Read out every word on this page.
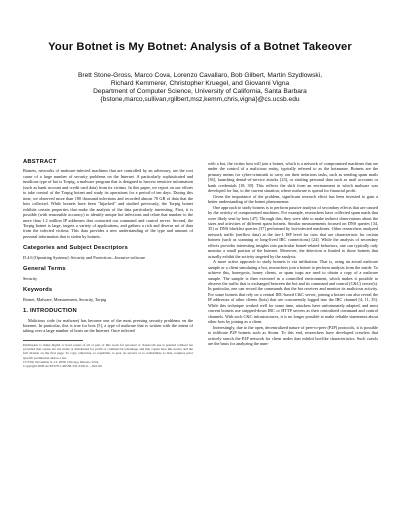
Your Botnet is My Botnet: Analysis of a Botnet Takeover
Brett Stone-Gross, Marco Cova, Lorenzo Cavallaro, Bob Gilbert, Martin Szydlowski,
Richard Kemmerer, Christopher Kruegel, and Giovanni Vigna
Department of Computer Science, University of California, Santa Barbara
{bstone,marco,sullivan,rgilbert,msz,kemm,chris,vigna}@cs.ucsb.edu
ABSTRACT

Botnets, networks of malware-infected machines that are controlled by an adversary, are the root cause of a large number of security problems on the Internet. A particularly sophisticated and insidious type of bot is Torpig, a malware program that is designed to harvest sensitive information (such as bank account and credit card data) from its victims. In this paper, we report on our efforts to take control of the Torpig botnet and study its operations for a period of ten days. During this time, we observed more than 180 thousand infections and recorded almost 70 GB of data that the bots collected. While botnets have been "hijacked" and studied previously, the Torpig botnet exhibits certain properties that make the analysis of the data particularly interesting. First, it is possible (with reasonable accuracy) to identify unique bot infections and relate that number to the more than 1.2 million IP addresses that contacted our command and control server. Second, the Torpig botnet is large, targets a variety of applications, and gathers a rich and diverse set of data from the infected victims. This data provides a new understanding of the type and amount of personal information that is stolen by botnets.

Categories and Subject Descriptors

D.4.6 [Operating Systems]: Security and Protection—Invasive software

General Terms

Security

Keywords

Botnet, Malware, Measurement, Security, Torpig

1. INTRODUCTION

Malicious code (or malware) has become one of the most pressing security problems on the Internet. In particular, this is true for bots [5], a type of malware that is written with the intent of taking over a large number of hosts on the Internet. Once infected

Permission to make digital or hard copies of all or part of this work for personal or classroom use is granted without fee provided that copies are not made or distributed for profit or commercial advantage and that copies bear this notice and the full citation on the first page. To copy otherwise, to republish, to post on servers or to redistribute to lists, requires prior specific permission and/or a fee.
CCS'09, November 9–13, 2009, Chicago, Illinois, USA.
Copyright 2009 ACM 978-1-60558-352-5/09/11 ...$10.00.

with a bot, the victim host will join a botnet, which is a network of compromised machines that are under the control of a malicious entity, typically referred to as the botmaster. Botnets are the primary means for cyber-criminals to carry out their nefarious tasks, such as sending spam mails [36], launching denial-of-service attacks [23], or stealing personal data such as mail accounts or bank credentials [18, 39]. This reflects the shift from an environment in which malware was developed for fun, to the current situation, where malware is spread for financial profit.

Given the importance of the problem, significant research effort has been invested to gain a better understanding of the botnet phenomenon.

One approach to study botnets is to perform passive analysis of secondary effects that are caused by the activity of compromised machines. For example, researchers have collected spam mails that were likely sent by bots [47]. Through this, they were able to make indirect observations about the sizes and activities of different spam botnets. Similar measurements focused on DNS queries [34, 35] or DNS blacklist queries [37] performed by bot-infected machines. Other researchers analyzed network traffic (netflow data) at the tier-1 ISP level for cues that are characteristic for certain botnets (such as scanning or long-lived IRC connections) [24]. While the analysis of secondary effects provides interesting insights into particular botnet-related behaviors, one can typically only monitor a small portion of the Internet. Moreover, the detection is limited to those botnets that actually exhibit the activity targeted by the analysis.

A more active approach to study botnets is via infiltration. That is, using an actual malware sample or a client simulating a bot, researchers join a botnet to perform analysis from the inside. To achieve this, honeypots, honey clients, or spam traps are used to obtain a copy of a malware sample. The sample is then executed in a controlled environment, which makes it possible to observe the traffic that is exchanged between the bot and its command and control (C&C) server(s). In particular, one can record the commands that the bot receives and monitor its malicious activity. For some botnets that rely on a central IRC-based C&C server, joining a botnet can also reveal the IP addresses of other clients (bots) that are concurrently logged into the IRC channel [4, 11, 35]. While this technique worked well for some time, attackers have unfortunately adapted, and most current botnets use stripped-down IRC or HTTP servers as their centralized command and control channels. With such C&C infrastructures, it is no longer possible to make reliable statements about other bots by joining as a client.

Interestingly, due to the open, decentralized nature of peer-to-peer (P2P) protocols, it is possible to infiltrate P2P botnets such as Storm. To this end, researchers have developed crawlers that actively search the P2P network for client nodes that exhibit bot-like characteristics. Such crawls are the basis for analyzing the num-
